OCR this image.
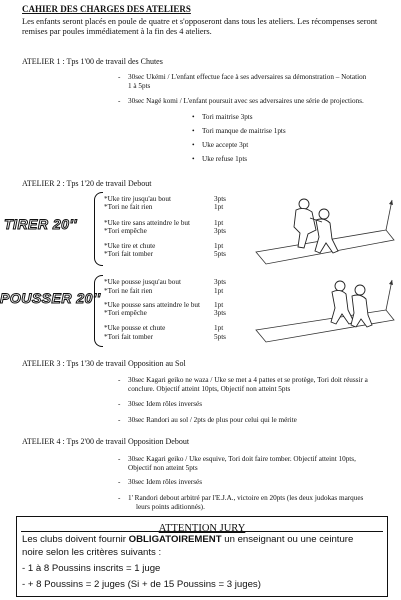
CAHIER DES CHARGES DES ATELIERS
Les enfants seront placés en poule de quatre et s'opposeront dans tous les ateliers. Les récompenses seront remises par poules immédiatement à la fin des 4 ateliers.
ATELIER 1 : Tps 1'00 de travail des Chutes
- 30sec Ukémi / L'enfant effectue face à ses adversaires sa démonstration – Notation
1 à 5pts
- 30sec Nagé komi / L'enfant poursuit avec ses adversaires une série de projections.
• Tori maitrise 3pts
• Tori manque de maitrise 1pts
• Uke accepte 3pt
• Uke refuse 1pts
ATELIER 2 : Tps 1'20 de travail Debout
TIRER 20''
*Uke tire jusqu'au bout	3pts
*Tori ne fait rien	1pt
*Uke tire sans atteindre le but	1pt
*Tori empêche	3pts
*Uke tire et chute	1pt
*Tori fait tomber	5pts
POUSSER 20''
*Uke pousse jusqu'au bout	3pts
*Tori ne fait rien	1pt
*Uke pousse sans atteindre le but 1pt
*Tori empêche	3pts
*Uke pousse et chute	1pt
*Tori fait tomber	5pts
ATELIER 3 : Tps 1'30 de travail Opposition au Sol
- 30sec Kagari geiko ne waza / Uke se met a 4 pattes et se protège, Tori doit réussir a
conclure. Objectif atteint 10pts, Objectif non atteint 5pts
- 30sec Idem rôles inversés
- 30sec Randori au sol / 2pts de plus pour celui qui le mérite
ATELIER 4 : Tps 2'00 de travail Opposition Debout
- 30sec Kagari geiko / Uke esquive, Tori doit faire tomber. Objectif atteint 10pts,
Objectif non atteint 5pts
- 30sec Idem rôles inversés
- 1' Randori debout arbitré par l'E.J.A., victoire en 20pts (les deux judokas marques
leurs points aditionnés).
ATTENTION JURY
Les clubs doivent fournir OBLIGATOIREMENT un enseignant ou une ceinture
noire selon les critères suivants :
- 1 à 8 Poussins inscrits = 1 juge
- + 8 Poussins = 2 juges (Si + de 15 Poussins = 3 juges)
